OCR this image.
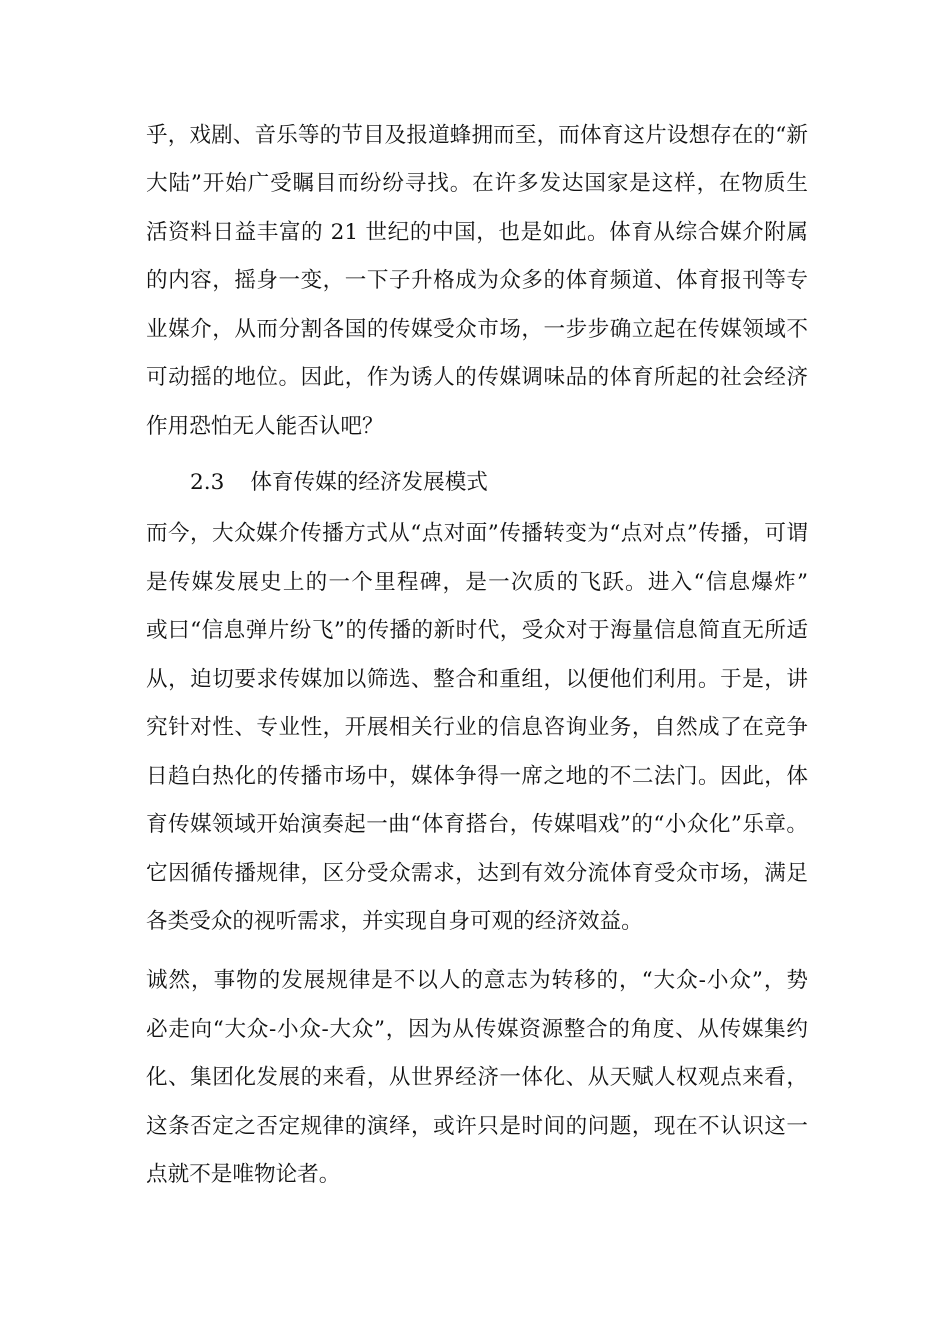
乎，戏剧、音乐等的节目及报道蜂拥而至，而体育这片设想存在的“新
大陆”开始广受瞩目而纷纷寻找。在许多发达国家是这样，在物质生
活资料日益丰富的 21 世纪的中国，也是如此。体育从综合媒介附属
的内容，摇身一变，一下子升格成为众多的体育频道、体育报刊等专
业媒介，从而分割各国的传媒受众市场，一步步确立起在传媒领域不
可动摇的地位。因此，作为诱人的传媒调味品的体育所起的社会经济
作用恐怕无人能否认吧？
2.3 体育传媒的经济发展模式
而今，大众媒介传播方式从“点对面”传播转变为“点对点”传播，可谓
是传媒发展史上的一个里程碑，是一次质的飞跃。进入“信息爆炸”
或曰“信息弹片纷飞”的传播的新时代，受众对于海量信息简直无所适
从，迫切要求传媒加以筛选、整合和重组，以便他们利用。于是，讲
究针对性、专业性，开展相关行业的信息咨询业务，自然成了在竞争
日趋白热化的传播市场中，媒体争得一席之地的不二法门。因此，体
育传媒领域开始演奏起一曲“体育搭台，传媒唱戏”的“小众化”乐章。
它因循传播规律，区分受众需求，达到有效分流体育受众市场，满足
各类受众的视听需求，并实现自身可观的经济效益。
诚然，事物的发展规律是不以人的意志为转移的，“大众-小众”，势
必走向“大众-小众-大众”，因为从传媒资源整合的角度、从传媒集约
化、集团化发展的来看，从世界经济一体化、从天赋人权观点来看，
这条否定之否定规律的演绎，或许只是时间的问题，现在不认识这一
点就不是唯物论者。
